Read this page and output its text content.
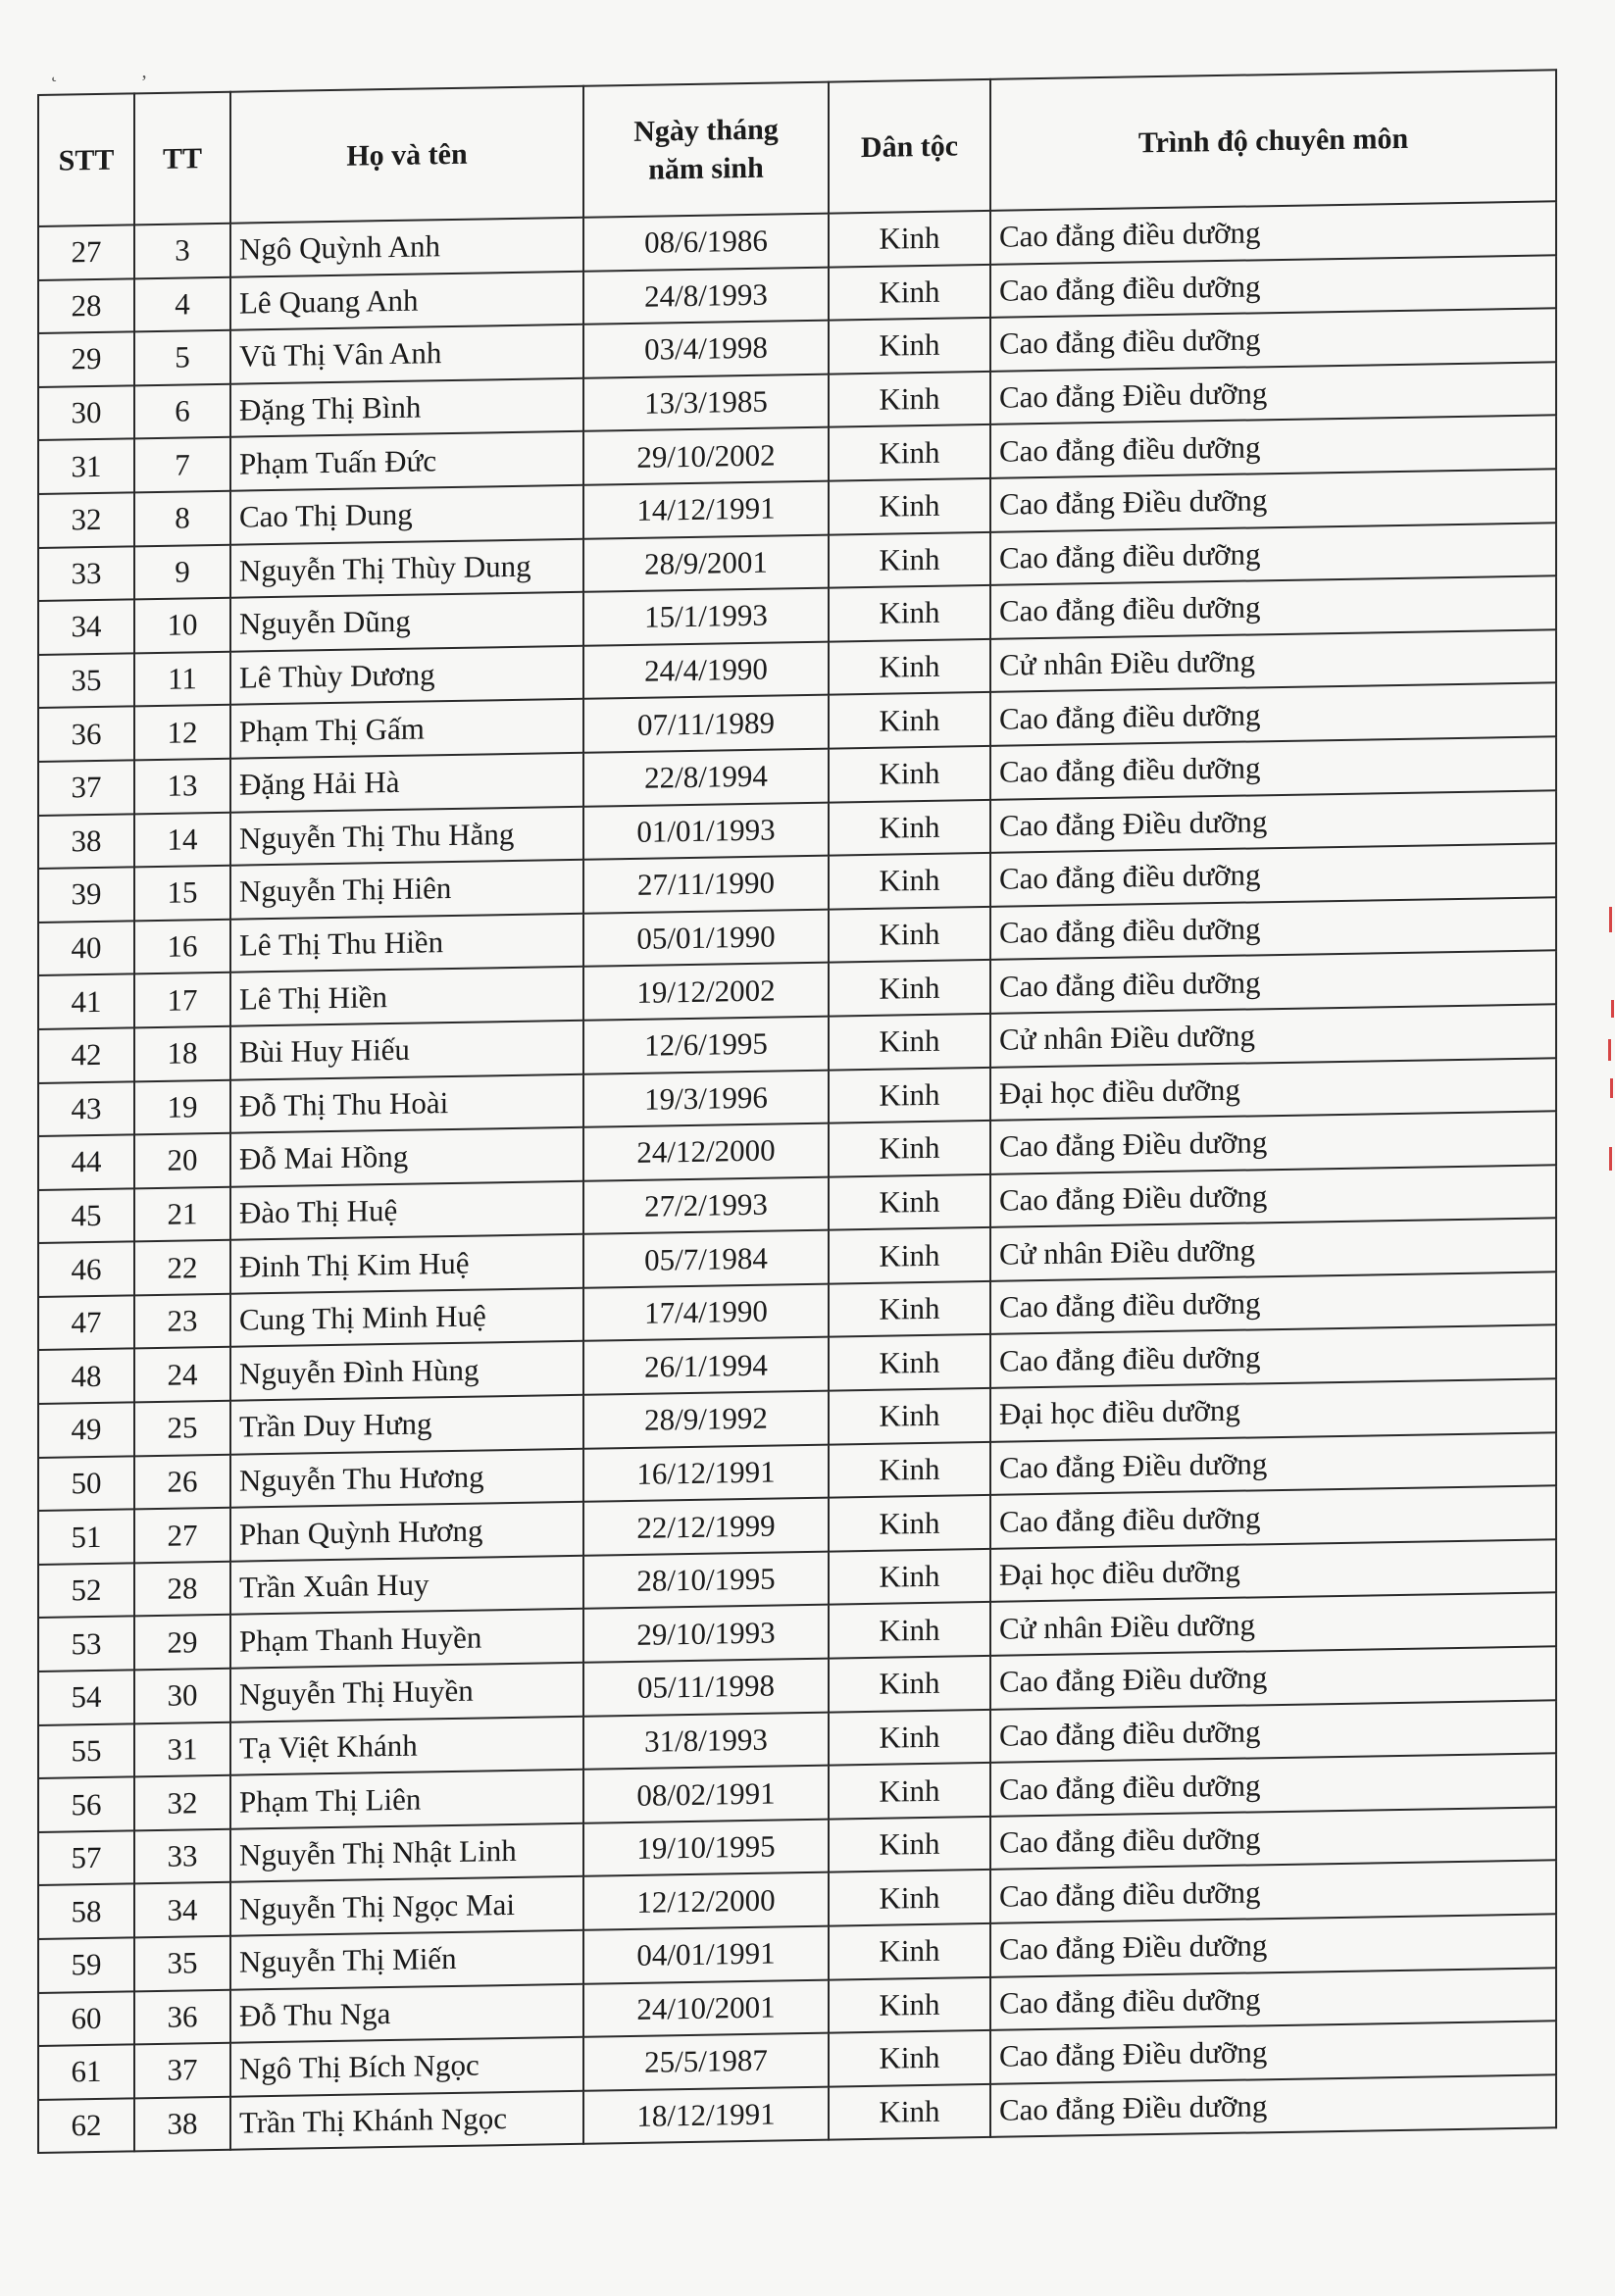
˛ ‚
STT	TT	Họ và tên	Ngày tháng
năm sinh	Dân tộc	Trình độ chuyên môn
27	3	Ngô Quỳnh Anh	08/6/1986	Kinh	Cao đẳng điều dưỡng
28	4	Lê Quang Anh	24/8/1993	Kinh	Cao đẳng điều dưỡng
29	5	Vũ Thị Vân Anh	03/4/1998	Kinh	Cao đẳng điều dưỡng
30	6	Đặng Thị Bình	13/3/1985	Kinh	Cao đẳng Điều dưỡng
31	7	Phạm Tuấn Đức	29/10/2002	Kinh	Cao đẳng điều dưỡng
32	8	Cao Thị Dung	14/12/1991	Kinh	Cao đẳng Điều dưỡng
33	9	Nguyễn Thị Thùy Dung	28/9/2001	Kinh	Cao đẳng điều dưỡng
34	10	Nguyễn Dũng	15/1/1993	Kinh	Cao đẳng điều dưỡng
35	11	Lê Thùy Dương	24/4/1990	Kinh	Cử nhân Điều dưỡng
36	12	Phạm Thị Gấm	07/11/1989	Kinh	Cao đẳng điều dưỡng
37	13	Đặng Hải Hà	22/8/1994	Kinh	Cao đẳng điều dưỡng
38	14	Nguyễn Thị Thu Hằng	01/01/1993	Kinh	Cao đẳng Điều dưỡng
39	15	Nguyễn Thị Hiên	27/11/1990	Kinh	Cao đẳng điều dưỡng
40	16	Lê Thị Thu Hiền	05/01/1990	Kinh	Cao đẳng điều dưỡng
41	17	Lê Thị Hiền	19/12/2002	Kinh	Cao đẳng điều dưỡng
42	18	Bùi Huy Hiếu	12/6/1995	Kinh	Cử nhân Điều dưỡng
43	19	Đỗ Thị Thu Hoài	19/3/1996	Kinh	Đại học điều dưỡng
44	20	Đỗ Mai Hồng	24/12/2000	Kinh	Cao đẳng Điều dưỡng
45	21	Đào Thị Huệ	27/2/1993	Kinh	Cao đẳng Điều dưỡng
46	22	Đinh Thị Kim Huệ	05/7/1984	Kinh	Cử nhân Điều dưỡng
47	23	Cung Thị Minh Huệ	17/4/1990	Kinh	Cao đẳng điều dưỡng
48	24	Nguyễn Đình Hùng	26/1/1994	Kinh	Cao đẳng điều dưỡng
49	25	Trần Duy Hưng	28/9/1992	Kinh	Đại học điều dưỡng
50	26	Nguyễn Thu Hương	16/12/1991	Kinh	Cao đẳng Điều dưỡng
51	27	Phan Quỳnh Hương	22/12/1999	Kinh	Cao đẳng điều dưỡng
52	28	Trần Xuân Huy	28/10/1995	Kinh	Đại học điều dưỡng
53	29	Phạm Thanh Huyền	29/10/1993	Kinh	Cử nhân Điều dưỡng
54	30	Nguyễn Thị Huyền	05/11/1998	Kinh	Cao đẳng Điều dưỡng
55	31	Tạ Việt Khánh	31/8/1993	Kinh	Cao đẳng điều dưỡng
56	32	Phạm Thị Liên	08/02/1991	Kinh	Cao đẳng điều dưỡng
57	33	Nguyễn Thị Nhật Linh	19/10/1995	Kinh	Cao đẳng điều dưỡng
58	34	Nguyễn Thị Ngọc Mai	12/12/2000	Kinh	Cao đẳng điều dưỡng
59	35	Nguyễn Thị Miến	04/01/1991	Kinh	Cao đẳng Điều dưỡng
60	36	Đỗ Thu Nga	24/10/2001	Kinh	Cao đẳng điều dưỡng
61	37	Ngô Thị Bích Ngọc	25/5/1987	Kinh	Cao đẳng Điều dưỡng
62	38	Trần Thị Khánh Ngọc	18/12/1991	Kinh	Cao đẳng Điều dưỡng
